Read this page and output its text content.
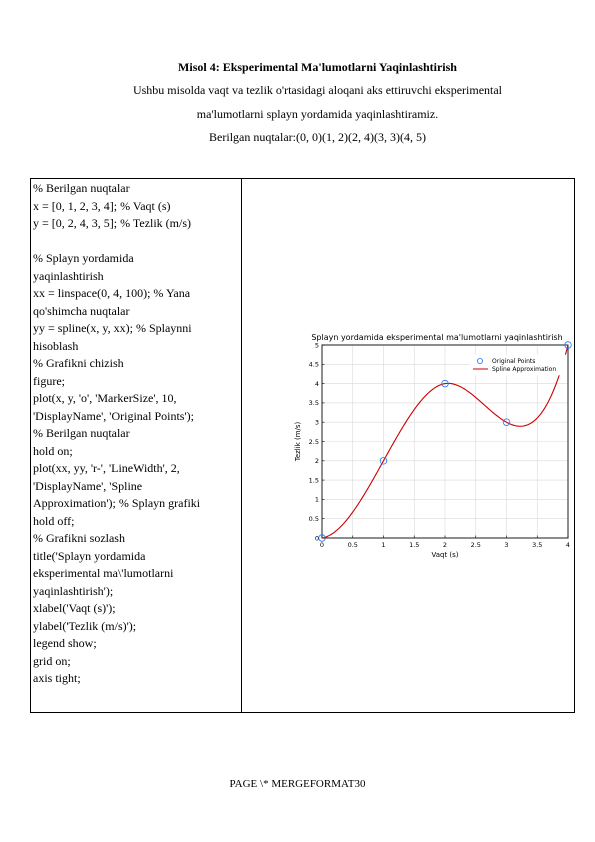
Misol 4: Eksperimental Ma'lumotlarni Yaqinlashtirish
Ushbu misolda vaqt va tezlik o'rtasidagi aloqani aks ettiruvchi eksperimental
ma'lumotlarni splayn yordamida yaqinlashtiramiz.
Berilgan nuqtalar:(0, 0)(1, 2)(2, 4)(3, 3)(4, 5)
% Berilgan nuqtalar
x = [0, 1, 2, 3, 4]; % Vaqt (s)
y = [0, 2, 4, 3, 5]; % Tezlik (m/s)
% Splayn yordamida
yaqinlashtirish
xx = linspace(0, 4, 100); % Yana
qo'shimcha nuqtalar
yy = spline(x, y, xx); % Splaynni
hisoblash
% Grafikni chizish
figure;
plot(x, y, 'o', 'MarkerSize', 10,
'DisplayName', 'Original Points');
% Berilgan nuqtalar
hold on;
plot(xx, yy, 'r-', 'LineWidth', 2,
'DisplayName', 'Spline
Approximation'); % Splayn grafiki
hold off;
% Grafikni sozlash
title('Splayn yordamida
eksperimental ma\'lumotlarni
yaqinlashtirish');
xlabel('Vaqt (s)');
ylabel('Tezlik (m/s)');
legend show;
grid on;
axis tight;
Splayn yordamida eksperimental ma'lumotlarni yaqinlashtirish
0	0.5	1	1.5	2	2.5	3	3.5	4
0
0.5
1
1.5
2
2.5
3
3.5
4
4.5
5
Vaqt (s)
Tezlik (m/s)
Original Points
Spline Approximation
PAGE \* MERGEFORMAT30
